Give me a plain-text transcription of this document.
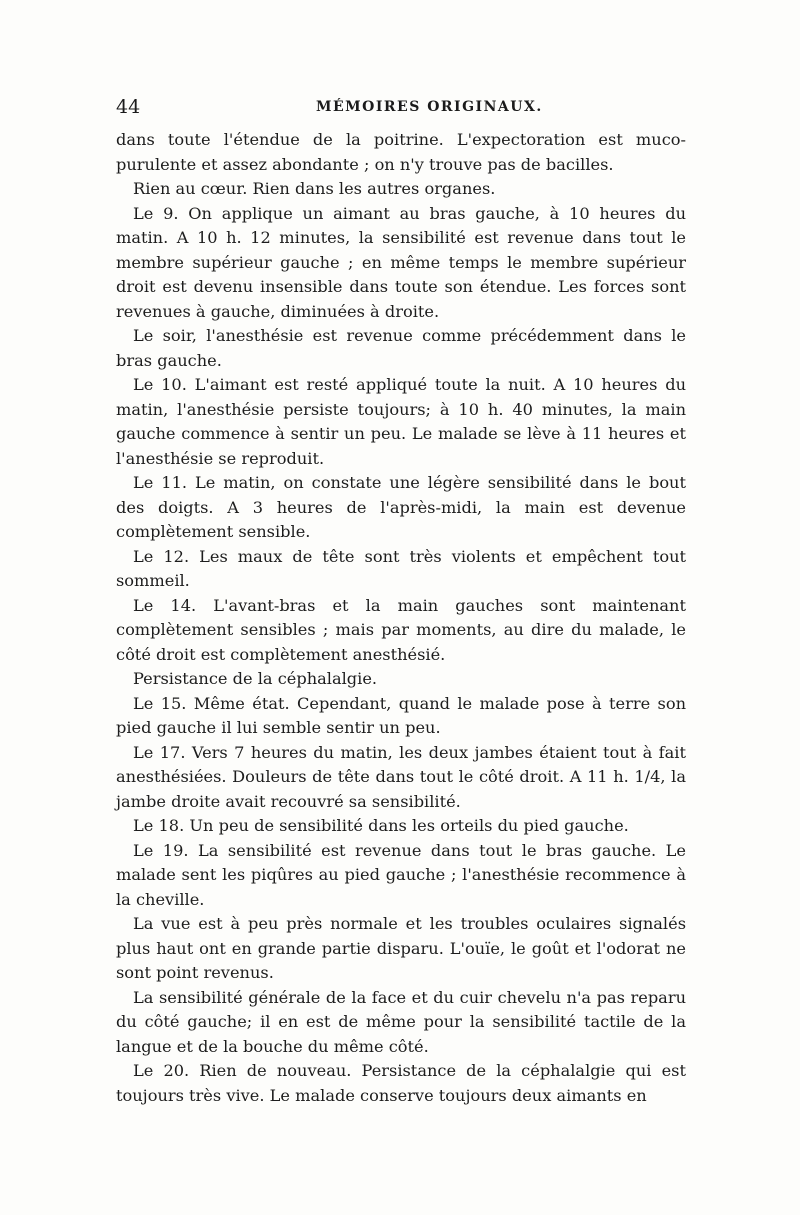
44	MÉMOIRES ORIGINAUX.

dans toute l'étendue de la poitrine. L'expectoration est muco-purulente et assez abondante ; on n'y trouve pas de bacilles.

Rien au cœur. Rien dans les autres organes.

Le 9. On applique un aimant au bras gauche, à 10 heures du matin. A 10 h. 12 minutes, la sensibilité est revenue dans tout le membre supérieur gauche ; en même temps le membre supérieur droit est devenu insensible dans toute son étendue. Les forces sont revenues à gauche, diminuées à droite.

Le soir, l'anesthésie est revenue comme précédemment dans le bras gauche.

Le 10. L'aimant est resté appliqué toute la nuit. A 10 heures du matin, l'anesthésie persiste toujours; à 10 h. 40 minutes, la main gauche commence à sentir un peu. Le malade se lève à 11 heures et l'anesthésie se reproduit.

Le 11. Le matin, on constate une légère sensibilité dans le bout des doigts. A 3 heures de l'après-midi, la main est devenue complètement sensible.

Le 12. Les maux de tête sont très violents et empêchent tout sommeil.

Le 14. L'avant-bras et la main gauches sont maintenant complètement sensibles ; mais par moments, au dire du malade, le côté droit est complètement anesthésié.

Persistance de la céphalalgie.

Le 15. Même état. Cependant, quand le malade pose à terre son pied gauche il lui semble sentir un peu.

Le 17. Vers 7 heures du matin, les deux jambes étaient tout à fait anesthésiées. Douleurs de tête dans tout le côté droit. A 11 h. 1/4, la jambe droite avait recouvré sa sensibilité.

Le 18. Un peu de sensibilité dans les orteils du pied gauche.

Le 19. La sensibilité est revenue dans tout le bras gauche. Le malade sent les piqûres au pied gauche ; l'anesthésie recommence à la cheville.

La vue est à peu près normale et les troubles oculaires signalés plus haut ont en grande partie disparu. L'ouïe, le goût et l'odorat ne sont point revenus.

La sensibilité générale de la face et du cuir chevelu n'a pas reparu du côté gauche; il en est de même pour la sensibilité tactile de la langue et de la bouche du même côté.

Le 20. Rien de nouveau. Persistance de la céphalalgie qui est toujours très vive. Le malade conserve toujours deux aimants en
